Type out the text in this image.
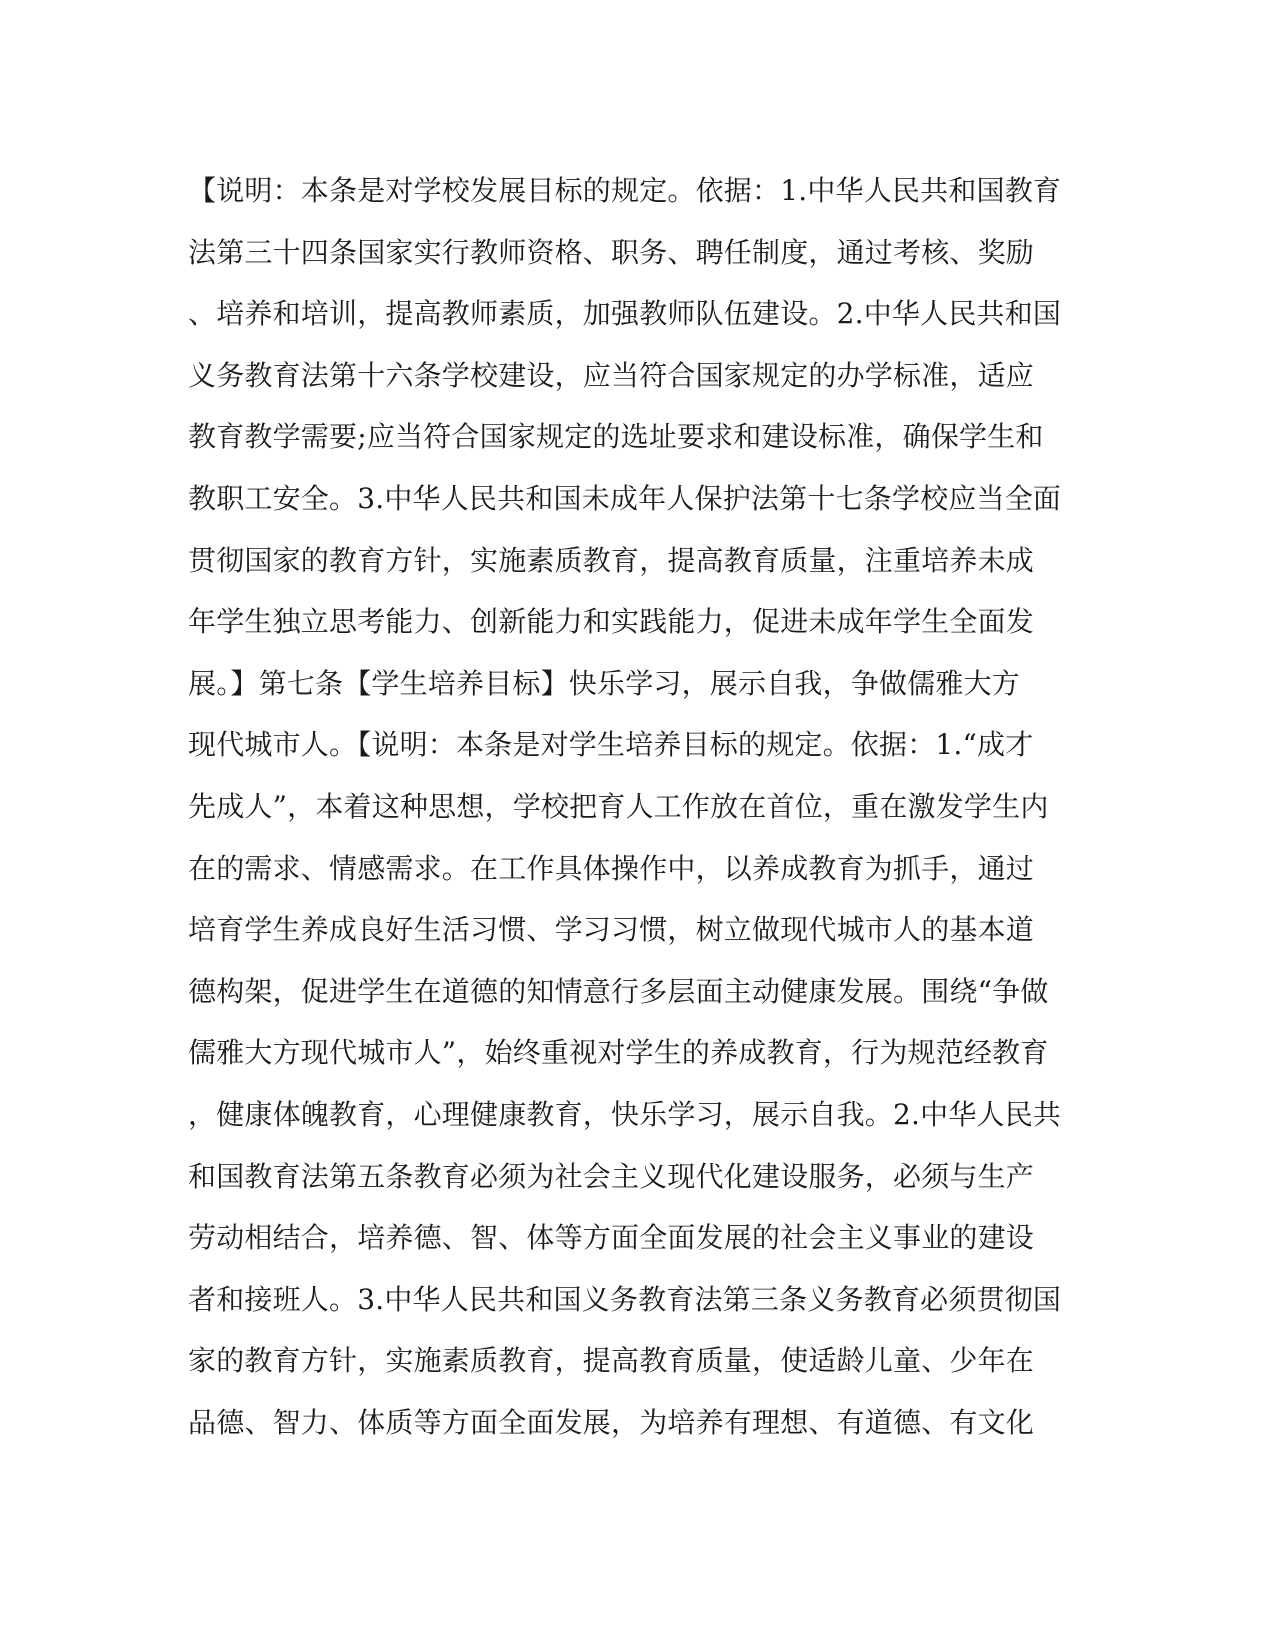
【说明：本条是对学校发展目标的规定。依据：1.中华人民共和国教育
法第三十四条国家实行教师资格、职务、聘任制度，通过考核、奖励
、培养和培训，提高教师素质，加强教师队伍建设。2.中华人民共和国
义务教育法第十六条学校建设，应当符合国家规定的办学标准，适应
教育教学需要;应当符合国家规定的选址要求和建设标准，确保学生和
教职工安全。3.中华人民共和国未成年人保护法第十七条学校应当全面
贯彻国家的教育方针，实施素质教育，提高教育质量，注重培养未成
年学生独立思考能力、创新能力和实践能力，促进未成年学生全面发
展。】第七条【学生培养目标】快乐学习，展示自我，争做儒雅大方
现代城市人。【说明：本条是对学生培养目标的规定。依据：1.“成才
先成人”，本着这种思想，学校把育人工作放在首位，重在激发学生内
在的需求、情感需求。在工作具体操作中，以养成教育为抓手，通过
培育学生养成良好生活习惯、学习习惯，树立做现代城市人的基本道
德构架，促进学生在道德的知情意行多层面主动健康发展。围绕“争做
儒雅大方现代城市人”，始终重视对学生的养成教育，行为规范经教育
，健康体魄教育，心理健康教育，快乐学习，展示自我。2.中华人民共
和国教育法第五条教育必须为社会主义现代化建设服务，必须与生产
劳动相结合，培养德、智、体等方面全面发展的社会主义事业的建设
者和接班人。3.中华人民共和国义务教育法第三条义务教育必须贯彻国
家的教育方针，实施素质教育，提高教育质量，使适龄儿童、少年在
品德、智力、体质等方面全面发展，为培养有理想、有道德、有文化
